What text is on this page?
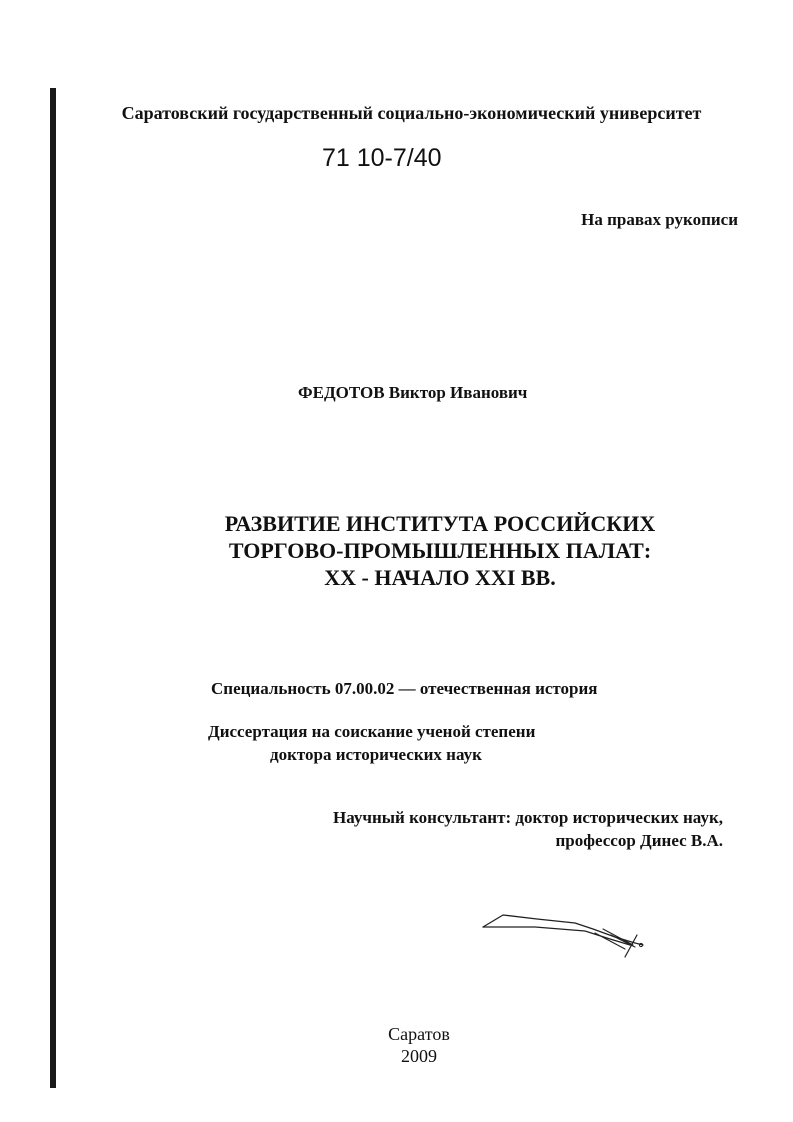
Саратовский государственный социально-экономический университет
71 10-7/40
На правах рукописи
ФЕДОТОВ Виктор Иванович
РАЗВИТИЕ ИНСТИТУТА РОССИЙСКИХ
ТОРГОВО-ПРОМЫШЛЕННЫХ ПАЛАТ:
XX - НАЧАЛО XXI ВВ.
Специальность 07.00.02 — отечественная история
Диссертация на соискание ученой степени
доктора исторических наук
Научный консультант: доктор исторических наук,
профессор Динес В.А.
Саратов
2009
